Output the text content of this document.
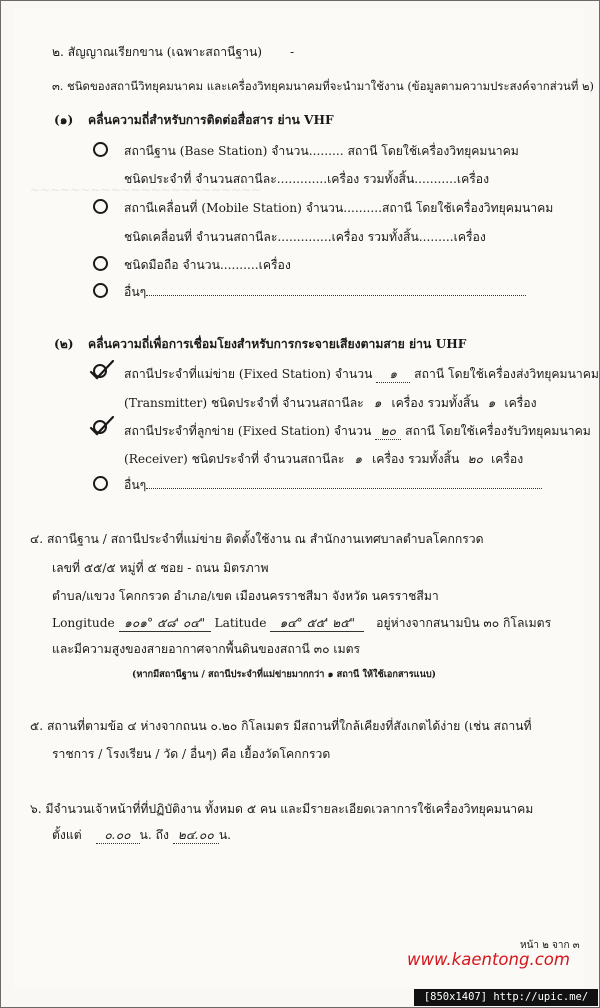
~~~~~~~~~~~~~~~~~~~~~~~
๒. สัญญาณเรียกขาน (เฉพาะสถานีฐาน) -
๓. ชนิดของสถานีวิทยุคมนาคม และเครื่องวิทยุคมนาคมที่จะนำมาใช้งาน (ข้อมูลตามความประสงค์จากส่วนที่ ๒)
(๑) คลื่นความถี่สำหรับการติดต่อสื่อสาร ย่าน VHF
สถานีฐาน (Base Station) จำนวน......... สถานี โดยใช้เครื่องวิทยุคมนาคม
ชนิดประจำที่ จำนวนสถานีละ.............เครื่อง รวมทั้งสิ้น...........เครื่อง
สถานีเคลื่อนที่ (Mobile Station) จำนวน..........สถานี โดยใช้เครื่องวิทยุคมนาคม
ชนิดเคลื่อนที่ จำนวนสถานีละ..............เครื่อง รวมทั้งสิ้น.........เครื่อง
ชนิดมือถือ จำนวน..........เครื่อง
อื่นๆ
(๒) คลื่นความถี่เพื่อการเชื่อมโยงสำหรับการกระจายเสียงตามสาย ย่าน UHF
สถานีประจำที่แม่ข่าย (Fixed Station) จำนวน ๑ สถานี โดยใช้เครื่องส่งวิทยุคมนาคม
(Transmitter) ชนิดประจำที่ จำนวนสถานีละ ๑ เครื่อง รวมทั้งสิ้น ๑ เครื่อง
สถานีประจำที่ลูกข่าย (Fixed Station) จำนวน ๒๐ สถานี โดยใช้เครื่องรับวิทยุคมนาคม
(Receiver) ชนิดประจำที่ จำนวนสถานีละ ๑ เครื่อง รวมทั้งสิ้น ๒๐ เครื่อง
อื่นๆ
๔. สถานีฐาน / สถานีประจำที่แม่ข่าย ติดตั้งใช้งาน ณ สำนักงานเทศบาลตำบลโคกกรวด
เลขที่ ๕๕/๕ หมู่ที่ ๕ ซอย - ถนน มิตรภาพ
ตำบล/แขวง โคกกรวด อำเภอ/เขต เมืองนครราชสีมา จังหวัด นครราชสีมา
Longitude ๑๐๑° ๕๘' ๐๔" Latitude ๑๔° ๕๕' ๒๕" อยู่ห่างจากสนามบิน ๓๐ กิโลเมตร
และมีความสูงของสายอากาศจากพื้นดินของสถานี ๓๐ เมตร
(หากมีสถานีฐาน / สถานีประจำที่แม่ข่ายมากกว่า ๑ สถานี ให้ใช้เอกสารแนบ)
๕. สถานที่ตามข้อ ๔ ห่างจากถนน ๐.๒๐ กิโลเมตร มีสถานที่ใกล้เคียงที่สังเกตได้ง่าย (เช่น สถานที่
ราชการ / โรงเรียน / วัด / อื่นๆ) คือ เยื้องวัดโคกกรวด
๖. มีจำนวนเจ้าหน้าที่ที่ปฏิบัติงาน ทั้งหมด ๕ คน และมีรายละเอียดเวลาการใช้เครื่องวิทยุคมนาคม
ตั้งแต่ ๐.๐๐ น. ถึง ๒๔.๐๐ น.
หน้า ๒ จาก ๓
www.kaentong.com
[850x1407] http://upic.me/
